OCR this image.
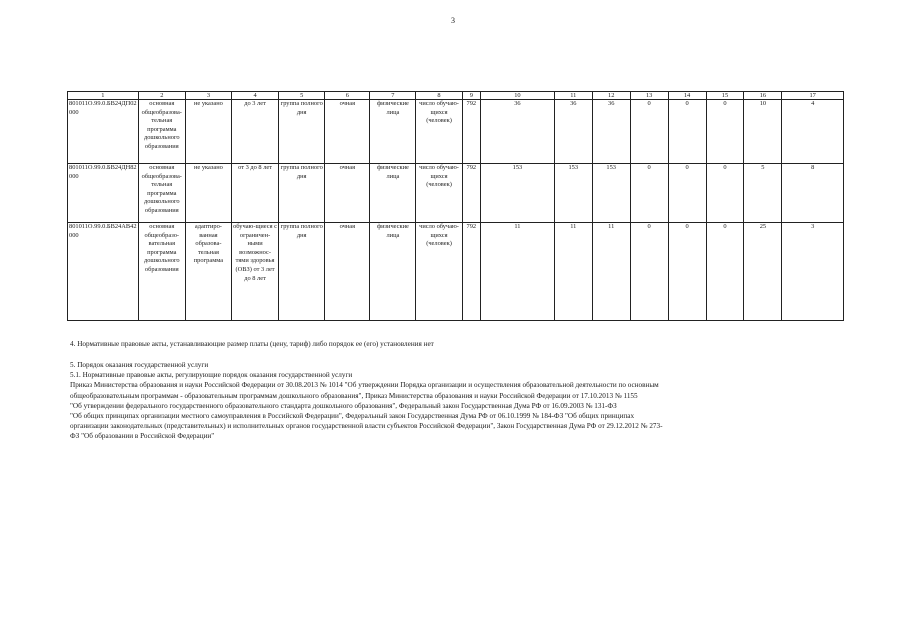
3
1	2	3	4	5	6	7	8	9	10	11	12	13	14	15	16	17
801011О.99.0.БВ24ДП02000	основная общеобразова-тельная программа дошкольного образования	не указано	до 3 лет	группа полного дня	очная	физические лица	число обучаю-щихся (человек)	792	36	36	36	0	0	0	10	4
801011О.99.0.БВ24ДН82000	основная общеобразова-тельная программа дошкольного образования	не указано	от 3 до 8 лет	группа полного дня	очная	физические лица	число обучаю-щихся (человек)	792	153	153	153	0	0	0	5	8
801011О.99.0.БВ24АВ42000	основная общеобразо-вательная программа дошкольного образования	адаптиро-ванная образова-тельная программа	обучаю-щиеся с ограничен-ными возможнос-тями здоровья (ОВЗ) от 3 лет до 8 лет	группа полного дня	очная	физические лица	число обучаю-щихся (человек)	792	11	11	11	0	0	0	25	3

4. Нормативные правовые акты, устанавливающие размер платы (цену, тариф) либо порядок ее (его) установления нет

5. Порядок оказания государственной услуги

5.1. Нормативные правовые акты, регулирующие порядок оказания государственной услуги

Приказ Министерства образования и науки Российской Федерации от 30.08.2013 № 1014 "Об утверждении Порядка организации и осуществления образовательной деятельности по основным

общеобразовательным программам - образовательным программам дошкольного образования", Приказ Министерства образования и науки Российской Федерации от 17.10.2013 № 1155

"Об утверждении федерального государственного образовательного стандарта дошкольного образования", Федеральный закон Государственная Дума РФ от 16.09.2003 № 131-ФЗ

"Об общих принципах организации местного самоуправления в Российской Федерации", Федеральный закон Государственная Дума РФ от 06.10.1999 № 184-ФЗ "Об общих принципах

организации законодательных (представительных) и исполнительных органов государственной власти субъектов Российской Федерации", Закон Государственная Дума РФ от 29.12.2012 № 273-

ФЗ "Об образовании в Российской Федерации"
